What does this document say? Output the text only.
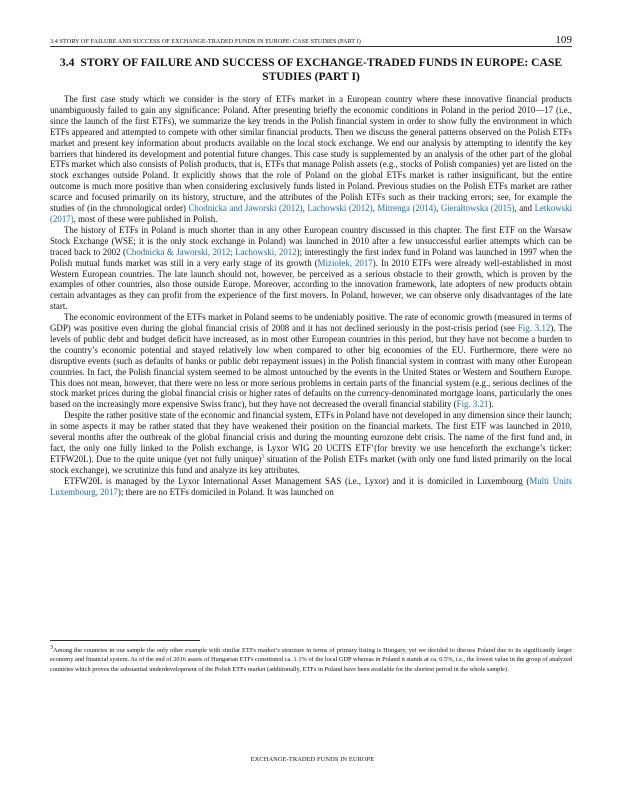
3.4 STORY OF FAILURE AND SUCCESS OF EXCHANGE-TRADED FUNDS IN EUROPE: CASE STUDIES (PART I)	109
3.4 STORY OF FAILURE AND SUCCESS OF EXCHANGE-TRADED FUNDS IN EUROPE: CASE STUDIES (PART I)

The first case study which we consider is the story of ETFs market in a European country where these innovative financial products unambiguously failed to gain any significance: Poland. After presenting briefly the economic conditions in Poland in the period 2010—17 (i.e., since the launch of the first ETFs), we summarize the key trends in the Polish financial system in order to show fully the environment in which ETFs appeared and attempted to compete with other similar financial products. Then we discuss the general patterns observed on the Polish ETFs market and present key information about products available on the local stock exchange. We end our analysis by attempting to identify the key barriers that hindered its development and potential future changes. This case study is supplemented by an analysis of the other part of the global ETFs market which also consists of Polish products, that is, ETFs that manage Polish assets (e.g., stocks of Polish companies) yet are listed on the stock exchanges outside Poland. It explicitly shows that the role of Poland on the global ETFs market is rather insignificant, but the entire outcome is much more positive than when considering exclusively funds listed in Poland. Previous studies on the Polish ETFs market are rather scarce and focused primarily on its history, structure, and the attributes of the Polish ETFs such as their tracking errors; see, for example the studies of (in the chronological order) Chodnicka and Jaworski (2012), Lachowski (2012), Mitrenga (2014), Gierałtowska (2015), and Letkowski (2017), most of these were published in Polish.

The history of ETFs in Poland is much shorter than in any other European country discussed in this chapter. The first ETF on the Warsaw Stock Exchange (WSE; it is the only stock exchange in Poland) was launched in 2010 after a few unsuccessful earlier attempts which can be traced back to 2002 (Chodnicka & Jaworski, 2012; Lachowski, 2012); interestingly the first index fund in Poland was launched in 1997 when the Polish mutual funds market was still in a very early stage of its growth (Miziołek, 2017). In 2010 ETFs were already well-established in most Western European countries. The late launch should not, however, be perceived as a serious obstacle to their growth, which is proven by the examples of other countries, also those outside Europe. Moreover, according to the innovation framework, late adopters of new products obtain certain advantages as they can profit from the experience of the first movers. In Poland, however, we can observe only disadvantages of the late start.

The economic environment of the ETFs market in Poland seems to be undeniably positive. The rate of economic growth (measured in terms of GDP) was positive even during the global financial crisis of 2008 and it has not declined seriously in the post-crisis period (see Fig. 3.12). The levels of public debt and budget deficit have increased, as in most other European countries in this period, but they have not become a burden to the country’s economic potential and stayed relatively low when compared to other big economies of the EU. Furthermore, there were no disruptive events (such as defaults of banks or public debt repayment issues) in the Polish financial system in contrast with many other European countries. In fact, the Polish financial system seemed to be almost untouched by the events in the United States or Western and Southern Europe. This does not mean, however, that there were no less or more serious problems in certain parts of the financial system (e.g., serious declines of the stock market prices during the global financial crisis or higher rates of defaults on the currency-denominated mortgage loans, particularly the ones based on the increasingly more expensive Swiss franc), but they have not decreased the overall financial stability (Fig. 3.21).

Despite the rather positive state of the economic and financial system, ETFs in Poland have not developed in any dimension since their launch; in some aspects it may be rather stated that they have weakened their position on the financial markets. The first ETF was launched in 2010, several months after the outbreak of the global financial crisis and during the mounting eurozone debt crisis. The name of the first fund and, in fact, the only one fully linked to the Polish exchange, is Lyxor WIG 20 UCITS ETF’(for brevity we use henceforth the exchange’s ticker: ETFW20L). Due to the quite unique (yet not fully unique)$^3$ situation of the Polish ETFs market (with only one fund listed primarily on the local stock exchange), we scrutinize this fund and analyze its key attributes.

ETFW20L is managed by the Lyxor International Asset Management SAS (i.e., Lyxor) and it is domiciled in Luxembourg (Multi Units Luxembourg, 2017); there are no ETFs domiciled in Poland. It was launched on

$^3$Among the countries in our sample the only other example with similar ETFs market’s structure in terms of primary listing is Hungary, yet we decided to discuss Poland due to its significantly larger economy and financial system. As of the end of 2016 assets of Hungarian ETFs constituted ca. 1.1% of the local GDP whereas in Poland it stands at ca. 0.5%, i.e., the lowest value in the group of analyzed countries which proves the substantial underdevelopment of the Polish ETFs market (additionally, ETFs in Poland have been available for the shortest period in the whole sample).
EXCHANGE-TRADED FUNDS IN EUROPE
